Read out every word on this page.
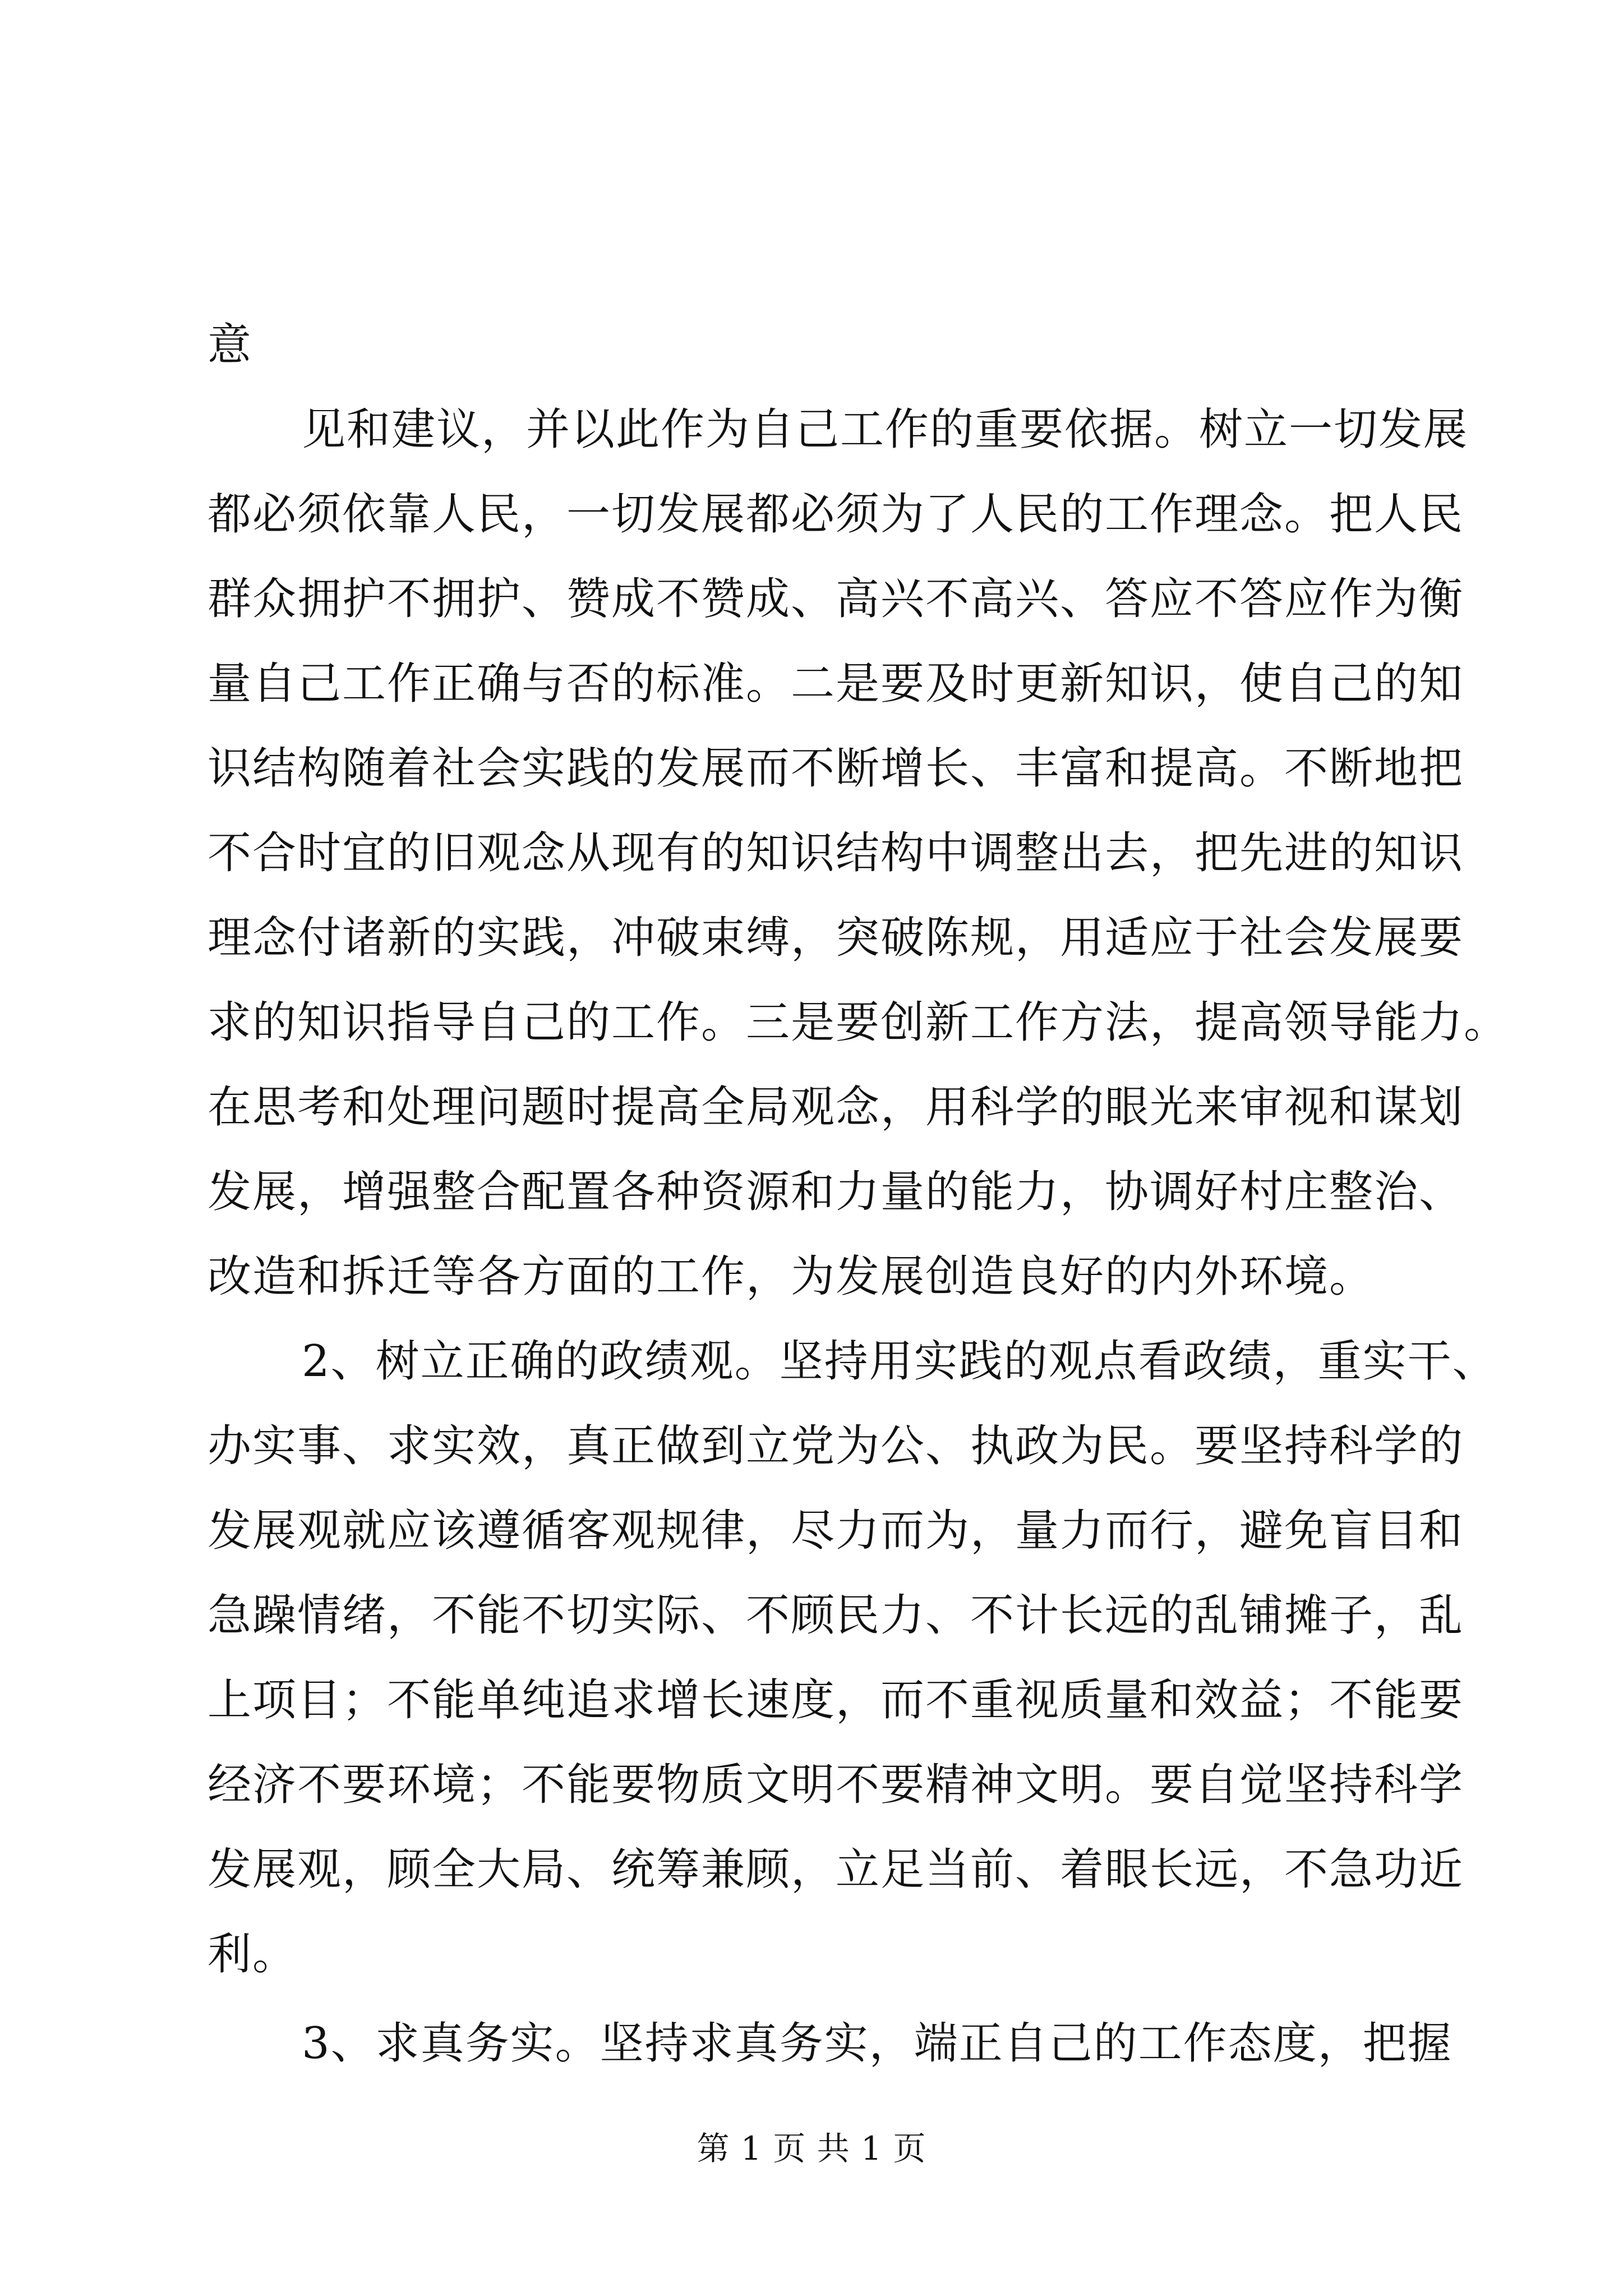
意
见和建议，并以此作为自己工作的重要依据。树立一切发展
都必须依靠人民，一切发展都必须为了人民的工作理念。把人民
群众拥护不拥护、赞成不赞成、高兴不高兴、答应不答应作为衡
量自己工作正确与否的标准。二是要及时更新知识，使自己的知
识结构随着社会实践的发展而不断增长、丰富和提高。不断地把
不合时宜的旧观念从现有的知识结构中调整出去，把先进的知识
理念付诸新的实践，冲破束缚，突破陈规，用适应于社会发展要
求的知识指导自己的工作。三是要创新工作方法，提高领导能力。
在思考和处理问题时提高全局观念，用科学的眼光来审视和谋划
发展，增强整合配置各种资源和力量的能力，协调好村庄整治、
改造和拆迁等各方面的工作，为发展创造良好的内外环境。
2、树立正确的政绩观。坚持用实践的观点看政绩，重实干、
办实事、求实效，真正做到立党为公、执政为民。要坚持科学的
发展观就应该遵循客观规律，尽力而为，量力而行，避免盲目和
急躁情绪，不能不切实际、不顾民力、不计长远的乱铺摊子，乱
上项目；不能单纯追求增长速度，而不重视质量和效益；不能要
经济不要环境；不能要物质文明不要精神文明。要自觉坚持科学
发展观，顾全大局、统筹兼顾，立足当前、着眼长远，不急功近
利。
3、求真务实。坚持求真务实，端正自己的工作态度，把握
第 1 页 共 1 页
